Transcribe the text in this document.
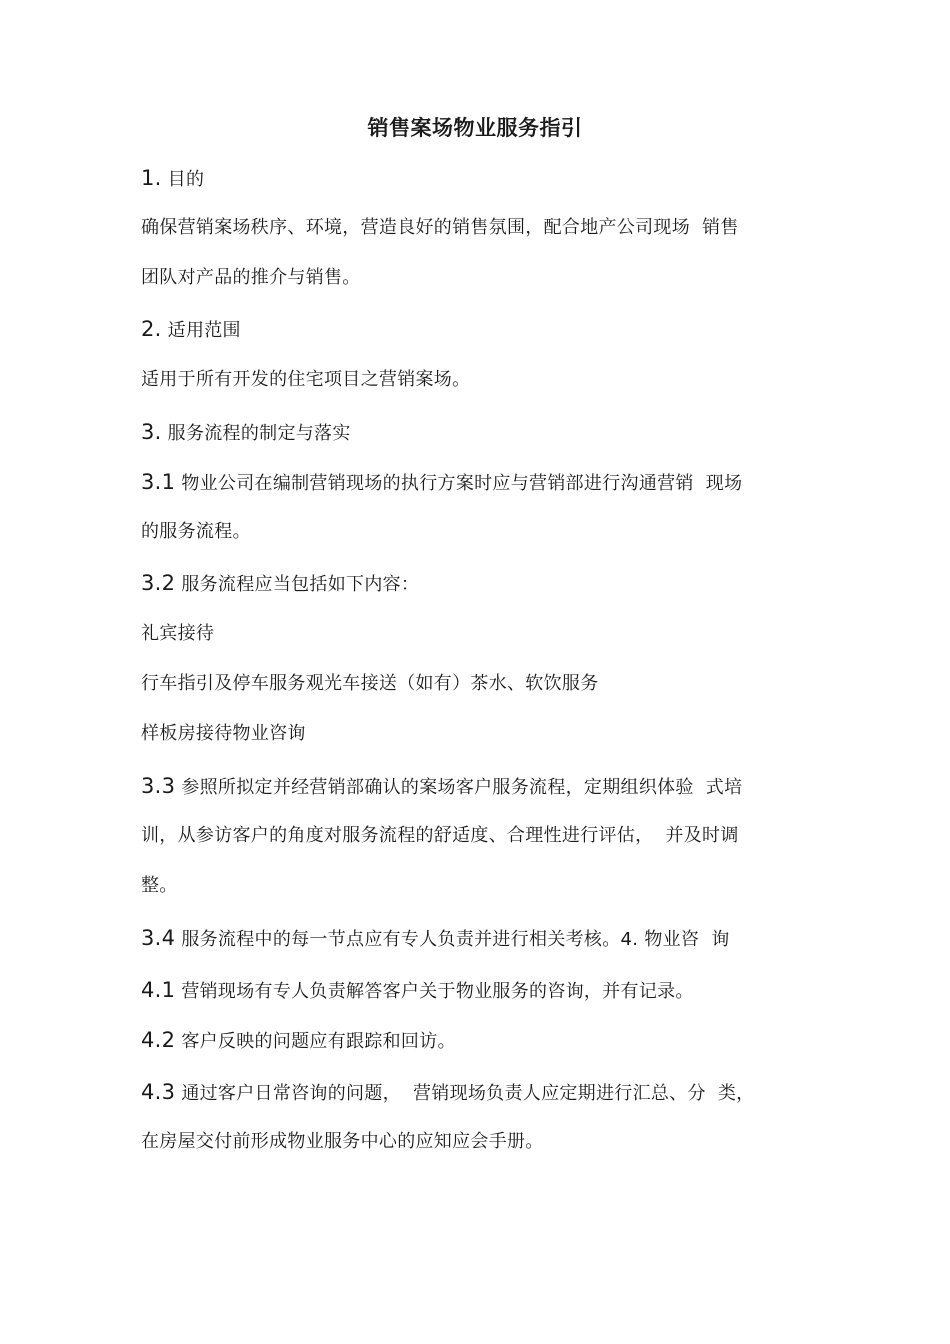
销售案场物业服务指引
1. 目的
确保营销案场秩序、环境，营造良好的销售氛围，配合地产公司现场  销售
团队对产品的推介与销售。
2. 适用范围
适用于所有开发的住宅项目之营销案场。
3. 服务流程的制定与落实
3.1 物业公司在编制营销现场的执行方案时应与营销部进行沟通营销  现场
的服务流程。
3.2 服务流程应当包括如下内容：
礼宾接待
行车指引及停车服务观光车接送（如有）茶水、软饮服务
样板房接待物业咨询
3.3 参照所拟定并经营销部确认的案场客户服务流程，定期组织体验  式培
训，从参访客户的角度对服务流程的舒适度、合理性进行评估，  并及时调
整。
3.4 服务流程中的每一节点应有专人负责并进行相关考核。4. 物业咨  询
4.1 营销现场有专人负责解答客户关于物业服务的咨询，并有记录。
4.2 客户反映的问题应有跟踪和回访。
4.3 通过客户日常咨询的问题，  营销现场负责人应定期进行汇总、分  类，
在房屋交付前形成物业服务中心的应知应会手册。
